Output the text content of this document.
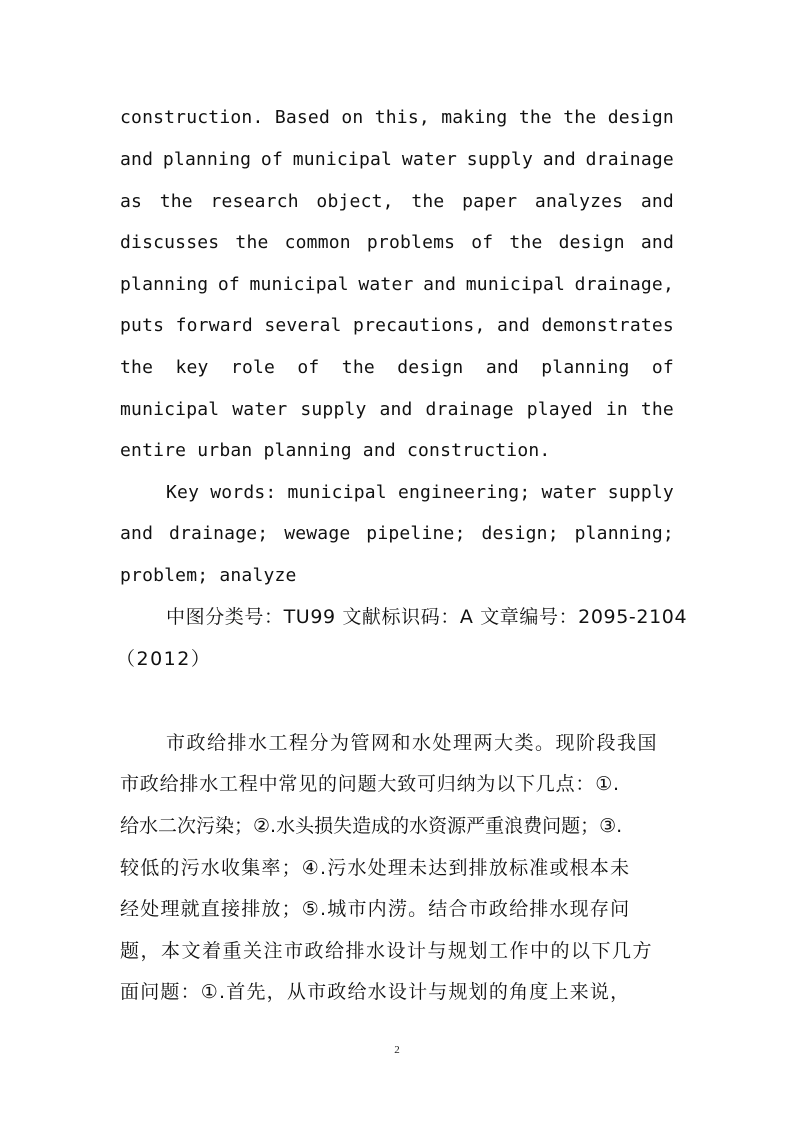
construction. Based on this, making the the design
and planning of municipal water supply and drainage
as the research object, the paper analyzes and
discusses the common problems of the design and
planning of municipal water and municipal drainage,
puts forward several precautions, and demonstrates
the key role of the design and planning of
municipal water supply and drainage played in the
entire urban planning and construction.
Key words: municipal engineering; water supply
and drainage; wewage pipeline; design; planning;
problem; analyze
中图分类号：TU99 文献标识码：A 文章编号：2095-2104
（2012）
市政给排水工程分为管网和水处理两大类。现阶段我国
市政给排水工程中常见的问题大致可归纳为以下几点：①.
给水二次污染；②.水头损失造成的水资源严重浪费问题；③.
较低的污水收集率；④.污水处理未达到排放标准或根本未
经处理就直接排放；⑤.城市内涝。结合市政给排水现存问
题，本文着重关注市政给排水设计与规划工作中的以下几方
面问题：①.首先，从市政给水设计与规划的角度上来说，
2
